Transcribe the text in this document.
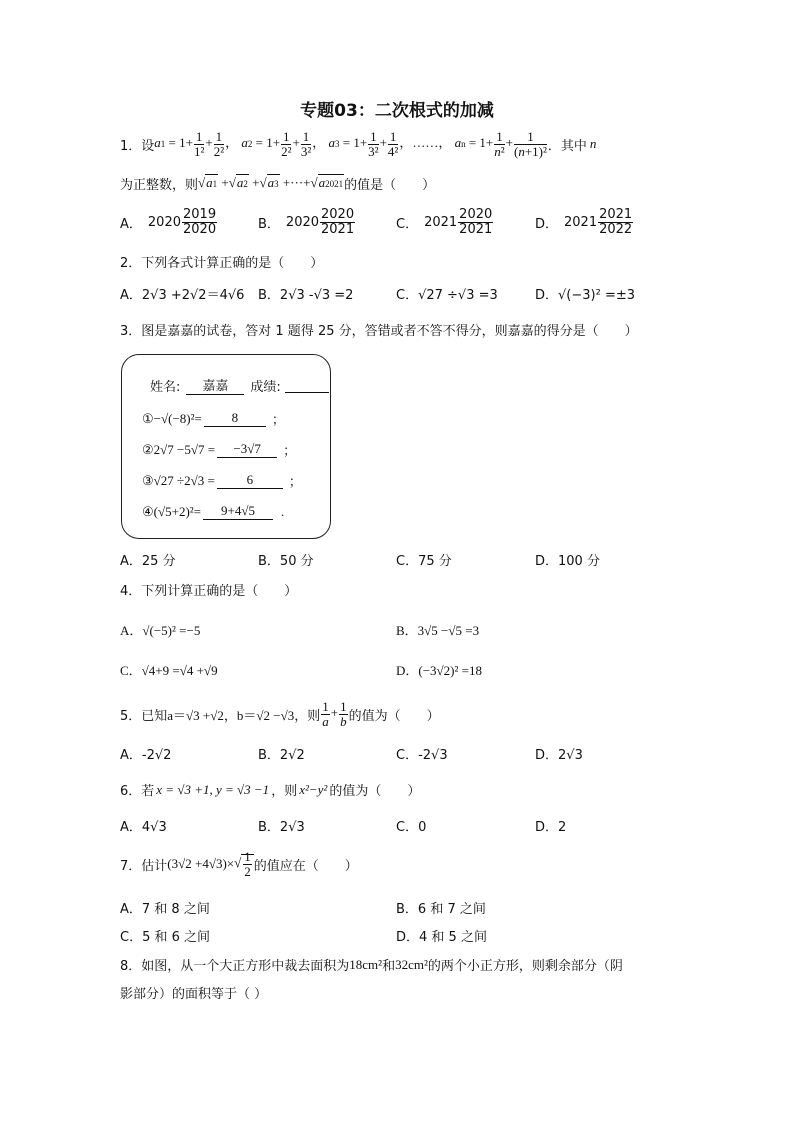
专题03：二次根式的加减
1． 设 $a1 = 1+ \frac{1}{\text{1²}} + \frac{1}{\text{2²}}$ ， $a2 = 1+ \frac{1}{\text{2²}} + \frac{1}{\text{3²}}$ ， $a3 = 1+ \frac{1}{\text{3²}} + \frac{1}{\text{4²}}$ ，……， an = $1+ \frac{1}{\text{n²}} + \frac{1}{\text{(n+1)²}}$ ．其中 n
为正整数，则 √a1 +√a2 +√a3 +···+√a2021 的值是（　　）
A． $2020 \frac{2019}{2020}$	B． $2020 \frac{2020}{2021}$	C． $2021 \frac{2020}{2021}$	D． $2021 \frac{2021}{2022}$
2．下列各式计算正确的是（　　）
A．2√3 +2√2＝4√6 B．2√3 -√3 =2	C．√27 ÷√3 =3	D．√(−3)² =±3
3．图是嘉嘉的试卷，答对 1 题得 25 分，答错或者不答不得分，则嘉嘉的得分是（　　）
姓名:	嘉嘉	成绩:

①−√(−8)²=	8	；
②2√7 −5√7 =	−3√7	；
③√27 ÷2√3 =	6	；
④(√5+2)²=	9+4√5	.
A．25 分	B．50 分	C．75 分	D．100 分
4．下列计算正确的是（　　）
A．√(−5)² =−5	B．3√5 −√5 =3
C．√4+9 =√4 +√9	D．(−3√2)² =18
5．已知 a＝√3 +√2，b＝√2 −√3 ，则 $\frac{1}{a} + \frac{1}{b}$ 的值为（　　）
A．-2√2	B．2√2	C．-2√3	D．2√3
6．若 x = √3 +1, y = √3 −1 ，则 x²−y² 的值为（　　）
A．4√3	B．2√3	C．0	D．2
7．估计 (3√2 +4√3)× √ $\frac{1}{2}$ 的值应在（　　）
A．7 和 8 之间	B．6 和 7 之间
C．5 和 6 之间	D．4 和 5 之间
8．如图，从一个大正方形中裁去面积为 18cm² 和 32cm² 的两个小正方形，则剩余部分（阴
影部分）的面积等于（ ）
